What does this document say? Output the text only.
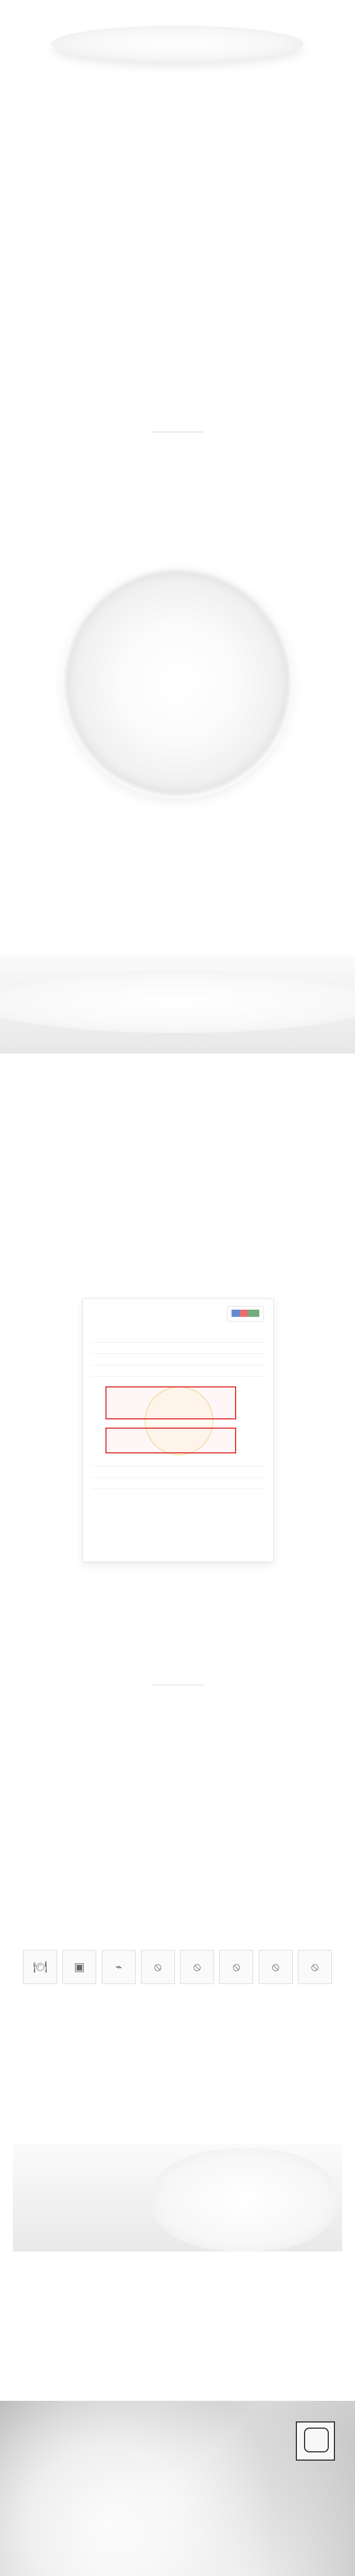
🍽	▣	⌁	⦸	⦸	⦸	⦸	⦸
